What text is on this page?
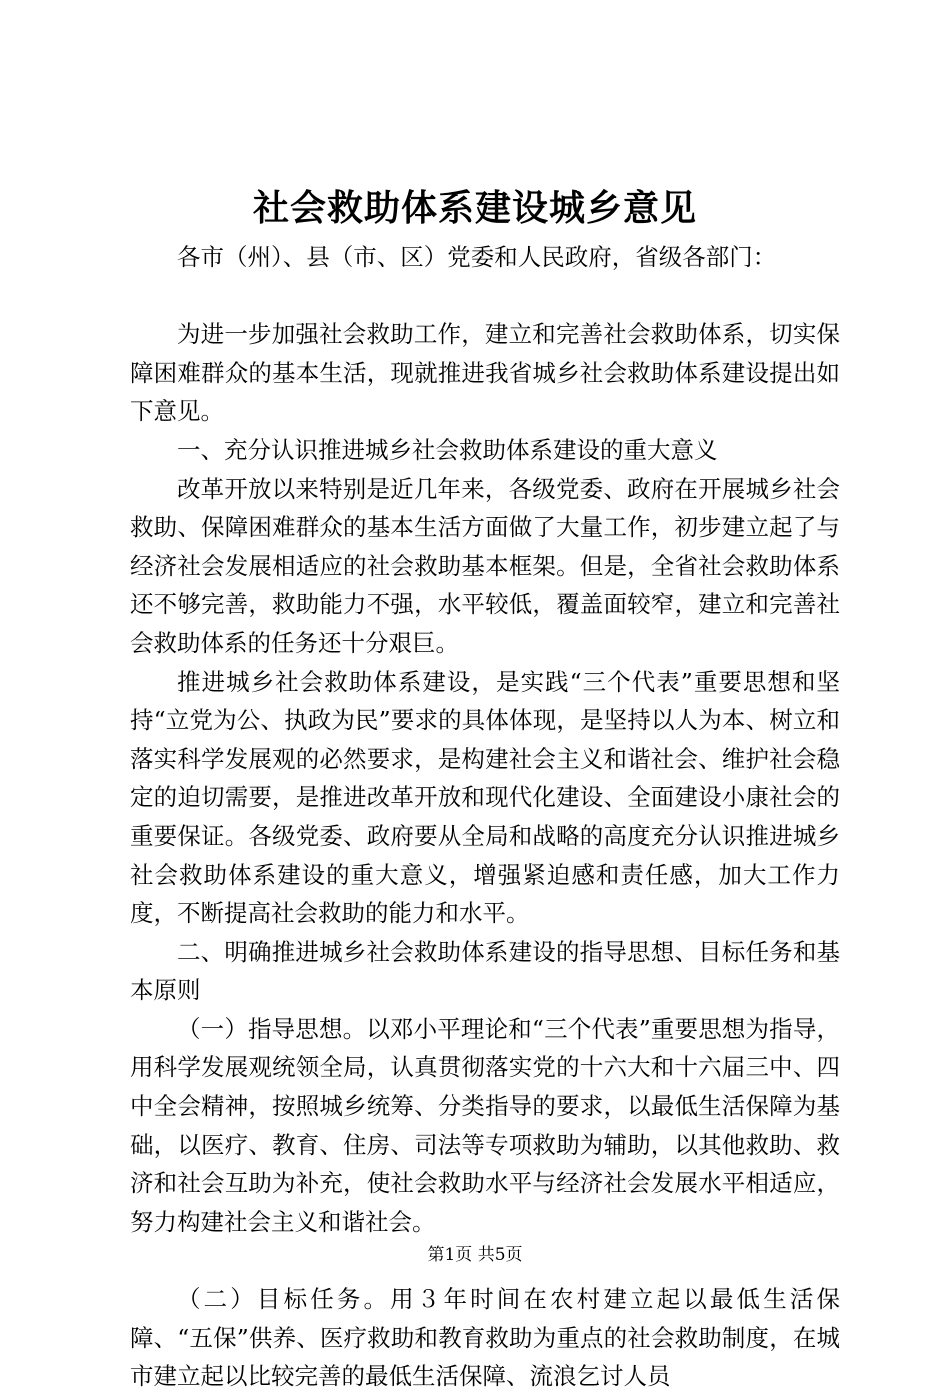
社会救助体系建设城乡意见

各市（州）、县（市、区）党委和人民政府，省级各部门：

为进一步加强社会救助工作，建立和完善社会救助体系，切实保障困难群众的基本生活，现就推进我省城乡社会救助体系建设提出如下意见。

一、充分认识推进城乡社会救助体系建设的重大意义

改革开放以来特别是近几年来，各级党委、政府在开展城乡社会救助、保障困难群众的基本生活方面做了大量工作，初步建立起了与经济社会发展相适应的社会救助基本框架。但是，全省社会救助体系还不够完善，救助能力不强，水平较低，覆盖面较窄，建立和完善社会救助体系的任务还十分艰巨。

推进城乡社会救助体系建设，是实践“三个代表”重要思想和坚持“立党为公、执政为民”要求的具体体现，是坚持以人为本、树立和落实科学发展观的必然要求，是构建社会主义和谐社会、维护社会稳定的迫切需要，是推进改革开放和现代化建设、全面建设小康社会的重要保证。各级党委、政府要从全局和战略的高度充分认识推进城乡社会救助体系建设的重大意义，增强紧迫感和责任感，加大工作力度，不断提高社会救助的能力和水平。

二、明确推进城乡社会救助体系建设的指导思想、目标任务和基本原则

（一）指导思想。以邓小平理论和“三个代表”重要思想为指导，用科学发展观统领全局，认真贯彻落实党的十六大和十六届三中、四中全会精神，按照城乡统筹、分类指导的要求，以最低生活保障为基础，以医疗、教育、住房、司法等专项救助为辅助，以其他救助、救济和社会互助为补充，使社会救助水平与经济社会发展水平相适应，努力构建社会主义和谐社会。

（二）目标任务。用３年时间在农村建立起以最低生活保障、“五保”供养、医疗救助和教育救助为重点的社会救助制度，在城市建立起以比较完善的最低生活保障、流浪乞讨人员

第1页 共5页
